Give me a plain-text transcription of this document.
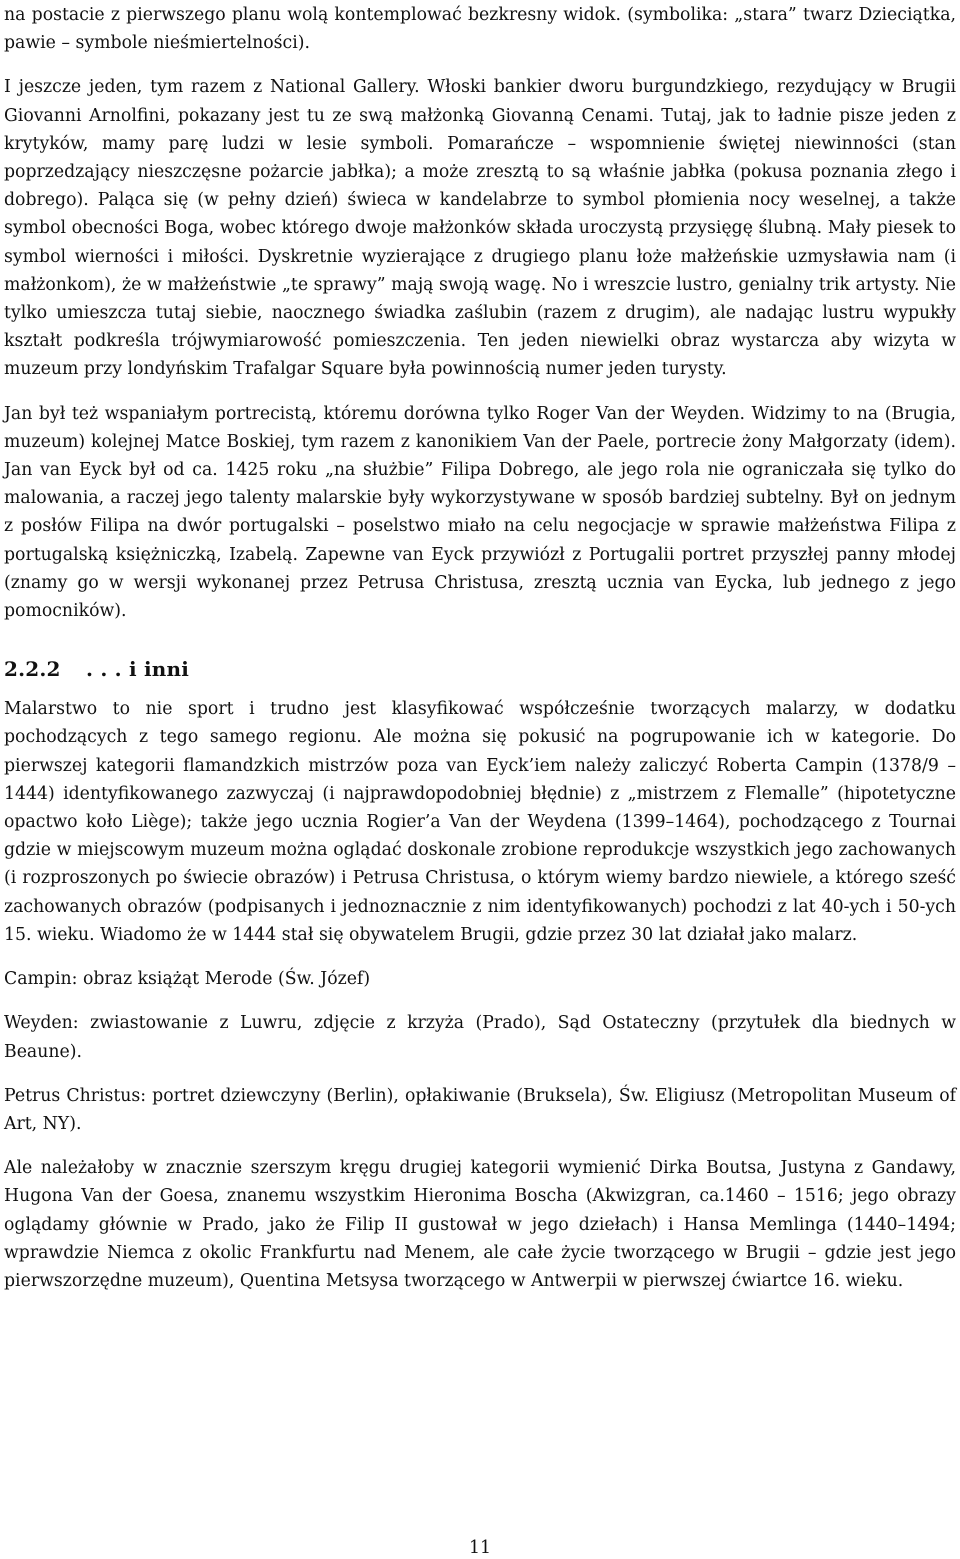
na postacie z pierwszego planu wolą kontemplować bezkresny widok. (symbolika: „stara” twarz Dzieciątka, pawie – symbole nieśmiertelności).

I jeszcze jeden, tym razem z National Gallery. Włoski bankier dworu burgundzkiego, rezydujący w Brugii Giovanni Arnolfini, pokazany jest tu ze swą małżonką Giovanną Cenami. Tutaj, jak to ładnie pisze jeden z krytyków, mamy parę ludzi w lesie symboli. Pomarańcze – wspomnienie świętej niewinności (stan poprzedzający nieszczęsne pożarcie jabłka); a może zresztą to są właśnie jabłka (pokusa poznania złego i dobrego). Paląca się (w pełny dzień) świeca w kandelabrze to symbol płomienia nocy weselnej, a także symbol obecności Boga, wobec którego dwoje małżonków składa uroczystą przysięgę ślubną. Mały piesek to symbol wierności i miłości. Dyskretnie wyzierające z drugiego planu łoże małżeńskie uzmysławia nam (i małżonkom), że w małżeństwie „te sprawy” mają swoją wagę. No i wreszcie lustro, genialny trik artysty. Nie tylko umieszcza tutaj siebie, naocznego świadka zaślubin (razem z drugim), ale nadając lustru wypukły kształt podkreśla trójwymiarowość pomieszczenia. Ten jeden niewielki obraz wystarcza aby wizyta w muzeum przy londyńskim Trafalgar Square była powinnością numer jeden turysty.

Jan był też wspaniałym portrecistą, któremu dorówna tylko Roger Van der Weyden. Widzimy to na (Brugia, muzeum) kolejnej Matce Boskiej, tym razem z kanonikiem Van der Paele, portrecie żony Małgorzaty (idem). Jan van Eyck był od ca. 1425 roku „na służbie” Filipa Dobrego, ale jego rola nie ograniczała się tylko do malowania, a raczej jego talenty malarskie były wykorzystywane w sposób bardziej subtelny. Był on jednym z posłów Filipa na dwór portugalski – poselstwo miało na celu negocjacje w sprawie małżeństwa Filipa z portugalską księżniczką, Izabelą. Zapewne van Eyck przywiózł z Portugalii portret przyszłej panny młodej (znamy go w wersji wykonanej przez Petrusa Christusa, zresztą ucznia van Eycka, lub jednego z jego pomocników).

2.2.2 . . . i inni

Malarstwo to nie sport i trudno jest klasyfikować współcześnie tworzących malarzy, w dodatku pochodzących z tego samego regionu. Ale można się pokusić na pogrupowanie ich w kategorie. Do pierwszej kategorii flamandzkich mistrzów poza van Eyck’iem należy zaliczyć Roberta Campin (1378/9 – 1444) identyfikowanego zazwyczaj (i najprawdopodobniej błędnie) z „mistrzem z Flemalle” (hipotetyczne opactwo koło Liège); także jego ucznia Rogier’a Van der Weydena (1399–1464), pochodzącego z Tournai gdzie w miejscowym muzeum można oglądać doskonale zrobione reprodukcje wszystkich jego zachowanych (i rozproszonych po świecie obrazów) i Petrusa Christusa, o którym wiemy bardzo niewiele, a którego sześć zachowanych obrazów (podpisanych i jednoznacznie z nim identyfikowanych) pochodzi z lat 40-ych i 50-ych 15. wieku. Wiadomo że w 1444 stał się obywatelem Brugii, gdzie przez 30 lat działał jako malarz.

Campin: obraz książąt Merode (Św. Józef)

Weyden: zwiastowanie z Luwru, zdjęcie z krzyża (Prado), Sąd Ostateczny (przytułek dla biednych w Beaune).

Petrus Christus: portret dziewczyny (Berlin), opłakiwanie (Bruksela), Św. Eligiusz (Metropolitan Museum of Art, NY).

Ale należałoby w znacznie szerszym kręgu drugiej kategorii wymienić Dirka Boutsa, Justyna z Gandawy, Hugona Van der Goesa, znanemu wszystkim Hieronima Boscha (Akwizgran, ca.1460 – 1516; jego obrazy oglądamy głównie w Prado, jako że Filip II gustował w jego dziełach) i Hansa Memlinga (1440–1494; wprawdzie Niemca z okolic Frankfurtu nad Menem, ale całe życie tworzącego w Brugii – gdzie jest jego pierwszorzędne muzeum), Quentina Metsysa tworzącego w Antwerpii w pierwszej ćwiartce 16. wieku.

11
